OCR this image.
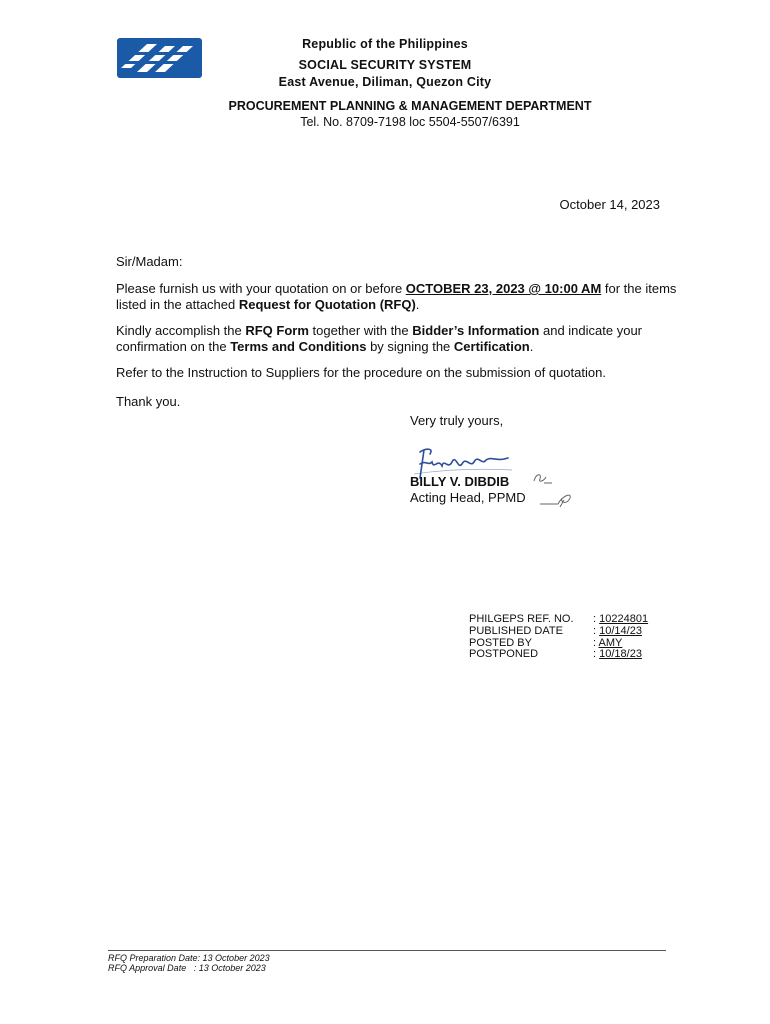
Republic of the Philippines
SOCIAL SECURITY SYSTEM
East Avenue, Diliman, Quezon City
PROCUREMENT PLANNING & MANAGEMENT DEPARTMENT
Tel. No. 8709-7198 loc 5504-5507/6391
October 14, 2023
Sir/Madam:
Please furnish us with your quotation on or before OCTOBER 23, 2023 @ 10:00 AM for the items listed in the attached Request for Quotation (RFQ).
Kindly accomplish the RFQ Form together with the Bidder’s Information and indicate your confirmation on the Terms and Conditions by signing the Certification.
Refer to the Instruction to Suppliers for the procedure on the submission of quotation.
Thank you.
Very truly yours,
BILLY V. DIBDIB
Acting Head, PPMD
PHILGEPS REF. NO.	: 10224801
PUBLISHED DATE	: 10/14/23
POSTED BY	: AMY
POSTPONED	: 10/18/23
RFQ Preparation Date : 13 October 2023
RFQ Approval Date : 13 October 2023
